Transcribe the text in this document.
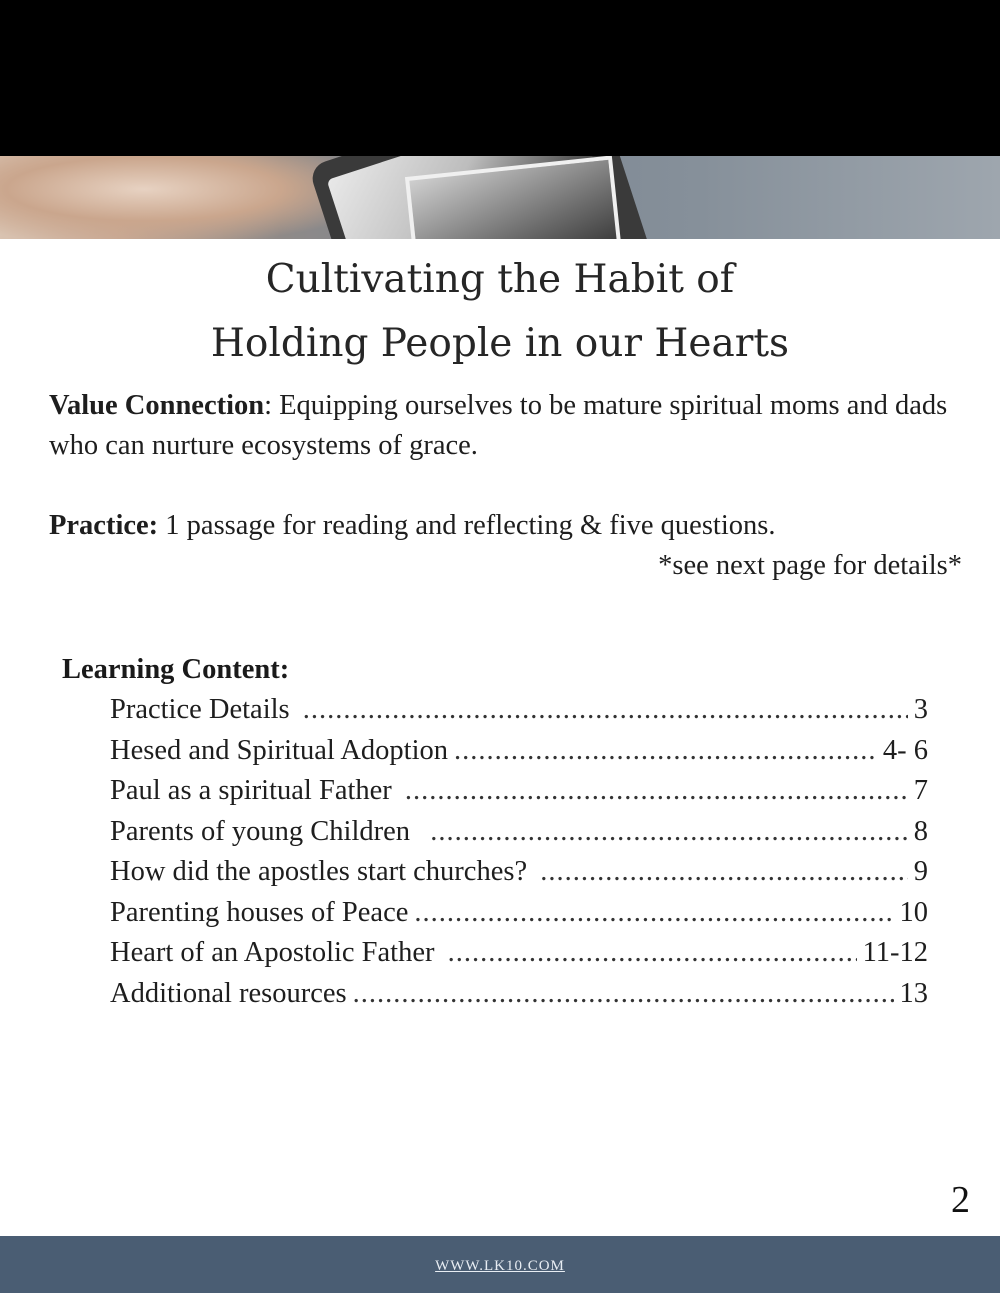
Cultivating the Habit of
Holding People in our Hearts

Value Connection: Equipping ourselves to be mature spiritual moms and dads who can nurture ecosystems of grace.

Practice: 1 passage for reading and reflecting & five questions.

*see next page for details*

Learning Content:

Practice Details .....	3
Hesed and Spiritual Adoption .....	4- 6
Paul as a spiritual Father .....	7
Parents of young Children .....	8
How did the apostles start churches? .....	9
Parenting houses of Peace .....	10
Heart of an Apostolic Father .....	11-12
Additional resources .....	13
2
WWW.LK10.COM
